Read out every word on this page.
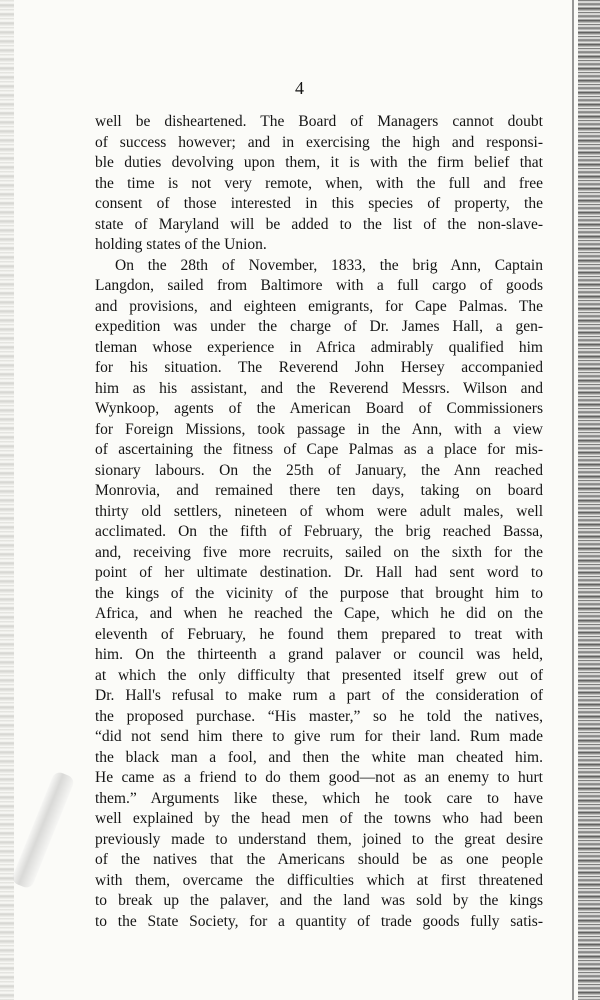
4
well be disheartened. The Board of Managers cannot doubt
of success however; and in exercising the high and responsi-
ble duties devolving upon them, it is with the firm belief that
the time is not very remote, when, with the full and free
consent of those interested in this species of property, the
state of Maryland will be added to the list of the non-slave-
holding states of the Union.
On the 28th of November, 1833, the brig Ann, Captain
Langdon, sailed from Baltimore with a full cargo of goods
and provisions, and eighteen emigrants, for Cape Palmas. The
expedition was under the charge of Dr. James Hall, a gen-
tleman whose experience in Africa admirably qualified him
for his situation. The Reverend John Hersey accompanied
him as his assistant, and the Reverend Messrs. Wilson and
Wynkoop, agents of the American Board of Commissioners
for Foreign Missions, took passage in the Ann, with a view
of ascertaining the fitness of Cape Palmas as a place for mis-
sionary labours. On the 25th of January, the Ann reached
Monrovia, and remained there ten days, taking on board
thirty old settlers, nineteen of whom were adult males, well
acclimated. On the fifth of February, the brig reached Bassa,
and, receiving five more recruits, sailed on the sixth for the
point of her ultimate destination. Dr. Hall had sent word to
the kings of the vicinity of the purpose that brought him to
Africa, and when he reached the Cape, which he did on the
eleventh of February, he found them prepared to treat with
him. On the thirteenth a grand palaver or council was held,
at which the only difficulty that presented itself grew out of
Dr. Hall's refusal to make rum a part of the consideration of
the proposed purchase. “His master,” so he told the natives,
“did not send him there to give rum for their land. Rum made
the black man a fool, and then the white man cheated him.
He came as a friend to do them good—not as an enemy to hurt
them.” Arguments like these, which he took care to have
well explained by the head men of the towns who had been
previously made to understand them, joined to the great desire
of the natives that the Americans should be as one people
with them, overcame the difficulties which at first threatened
to break up the palaver, and the land was sold by the kings
to the State Society, for a quantity of trade goods fully satis-
